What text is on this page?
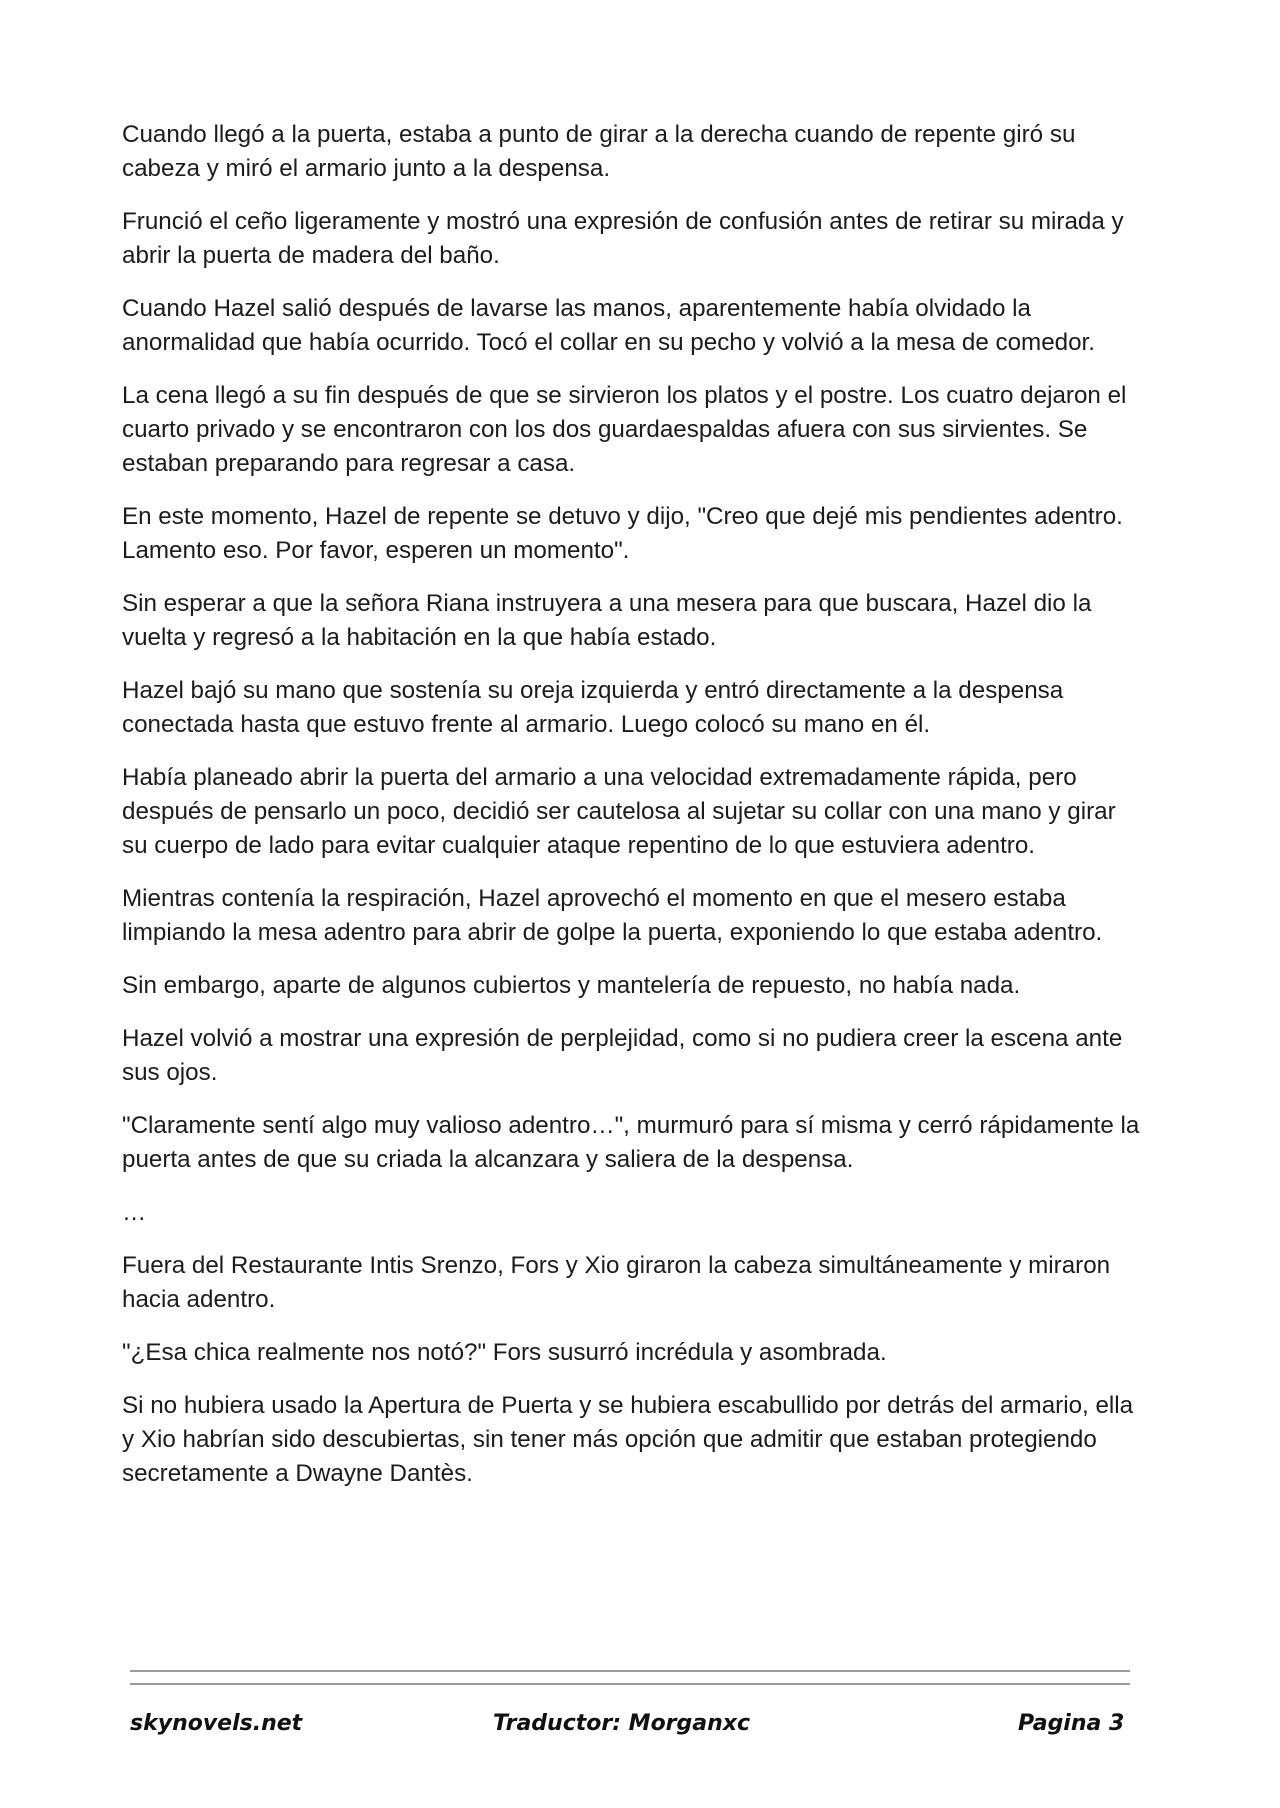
Cuando llegó a la puerta, estaba a punto de girar a la derecha cuando de repente giró su cabeza y miró el armario junto a la despensa.

Frunció el ceño ligeramente y mostró una expresión de confusión antes de retirar su mirada y abrir la puerta de madera del baño.

Cuando Hazel salió después de lavarse las manos, aparentemente había olvidado la anormalidad que había ocurrido. Tocó el collar en su pecho y volvió a la mesa de comedor.

La cena llegó a su fin después de que se sirvieron los platos y el postre. Los cuatro dejaron el cuarto privado y se encontraron con los dos guardaespaldas afuera con sus sirvientes. Se estaban preparando para regresar a casa.

En este momento, Hazel de repente se detuvo y dijo, "Creo que dejé mis pendientes adentro. Lamento eso. Por favor, esperen un momento".

Sin esperar a que la señora Riana instruyera a una mesera para que buscara, Hazel dio la vuelta y regresó a la habitación en la que había estado.

Hazel bajó su mano que sostenía su oreja izquierda y entró directamente a la despensa conectada hasta que estuvo frente al armario. Luego colocó su mano en él.

Había planeado abrir la puerta del armario a una velocidad extremadamente rápida, pero después de pensarlo un poco, decidió ser cautelosa al sujetar su collar con una mano y girar su cuerpo de lado para evitar cualquier ataque repentino de lo que estuviera adentro.

Mientras contenía la respiración, Hazel aprovechó el momento en que el mesero estaba limpiando la mesa adentro para abrir de golpe la puerta, exponiendo lo que estaba adentro.

Sin embargo, aparte de algunos cubiertos y mantelería de repuesto, no había nada.

Hazel volvió a mostrar una expresión de perplejidad, como si no pudiera creer la escena ante sus ojos.

"Claramente sentí algo muy valioso adentro…", murmuró para sí misma y cerró rápidamente la puerta antes de que su criada la alcanzara y saliera de la despensa.

…

Fuera del Restaurante Intis Srenzo, Fors y Xio giraron la cabeza simultáneamente y miraron hacia adentro.

"¿Esa chica realmente nos notó?" Fors susurró incrédula y asombrada.

Si no hubiera usado la Apertura de Puerta y se hubiera escabullido por detrás del armario, ella y Xio habrían sido descubiertas, sin tener más opción que admitir que estaban protegiendo secretamente a Dwayne Dantès.

skynovels.net	Traductor: Morganxc	Pagina 3
